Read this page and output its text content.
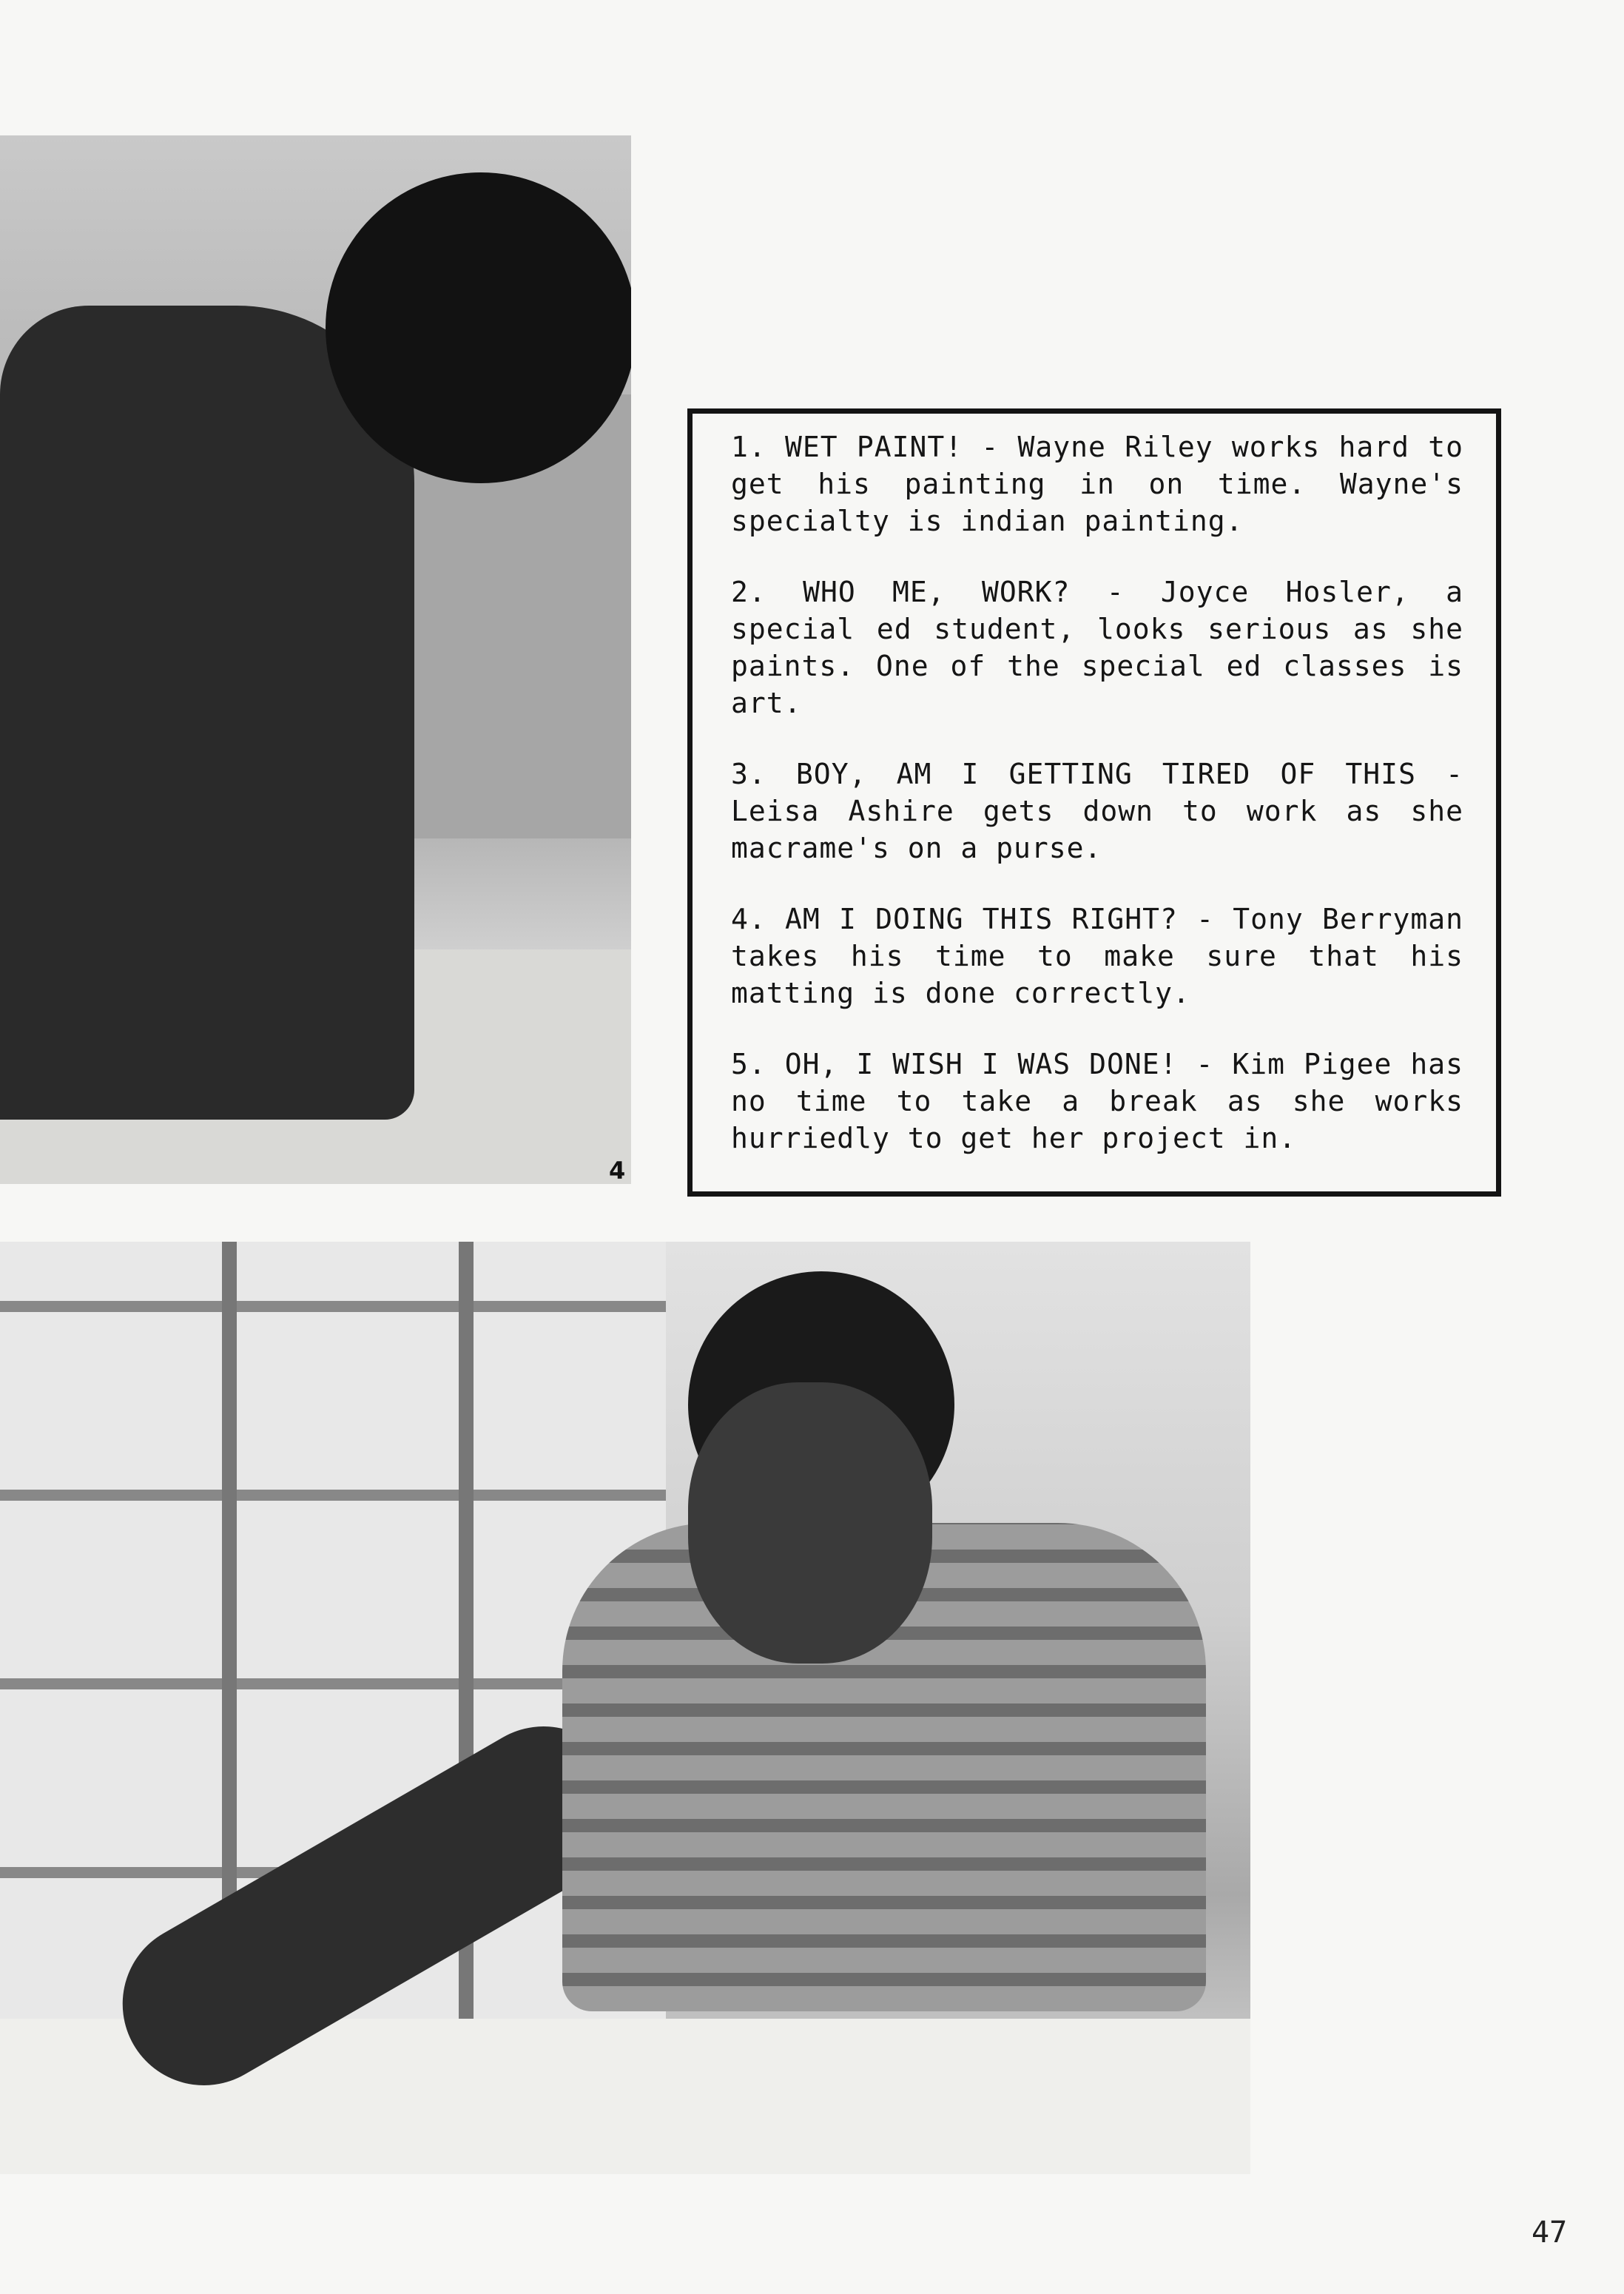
4

1. WET PAINT! - Wayne Riley works hard to get his painting in on time. Wayne's specialty is indian painting.

2. WHO ME, WORK? - Joyce Hosler, a special ed student, looks serious as she paints. One of the special ed classes is art.

3. BOY, AM I GETTING TIRED OF THIS - Leisa Ashire gets down to work as she macrame's on a purse.

4. AM I DOING THIS RIGHT? - Tony Berryman takes his time to make sure that his matting is done correctly.

5. OH, I WISH I WAS DONE! - Kim Pigee has no time to take a break as she works hurriedly to get her project in.

47
